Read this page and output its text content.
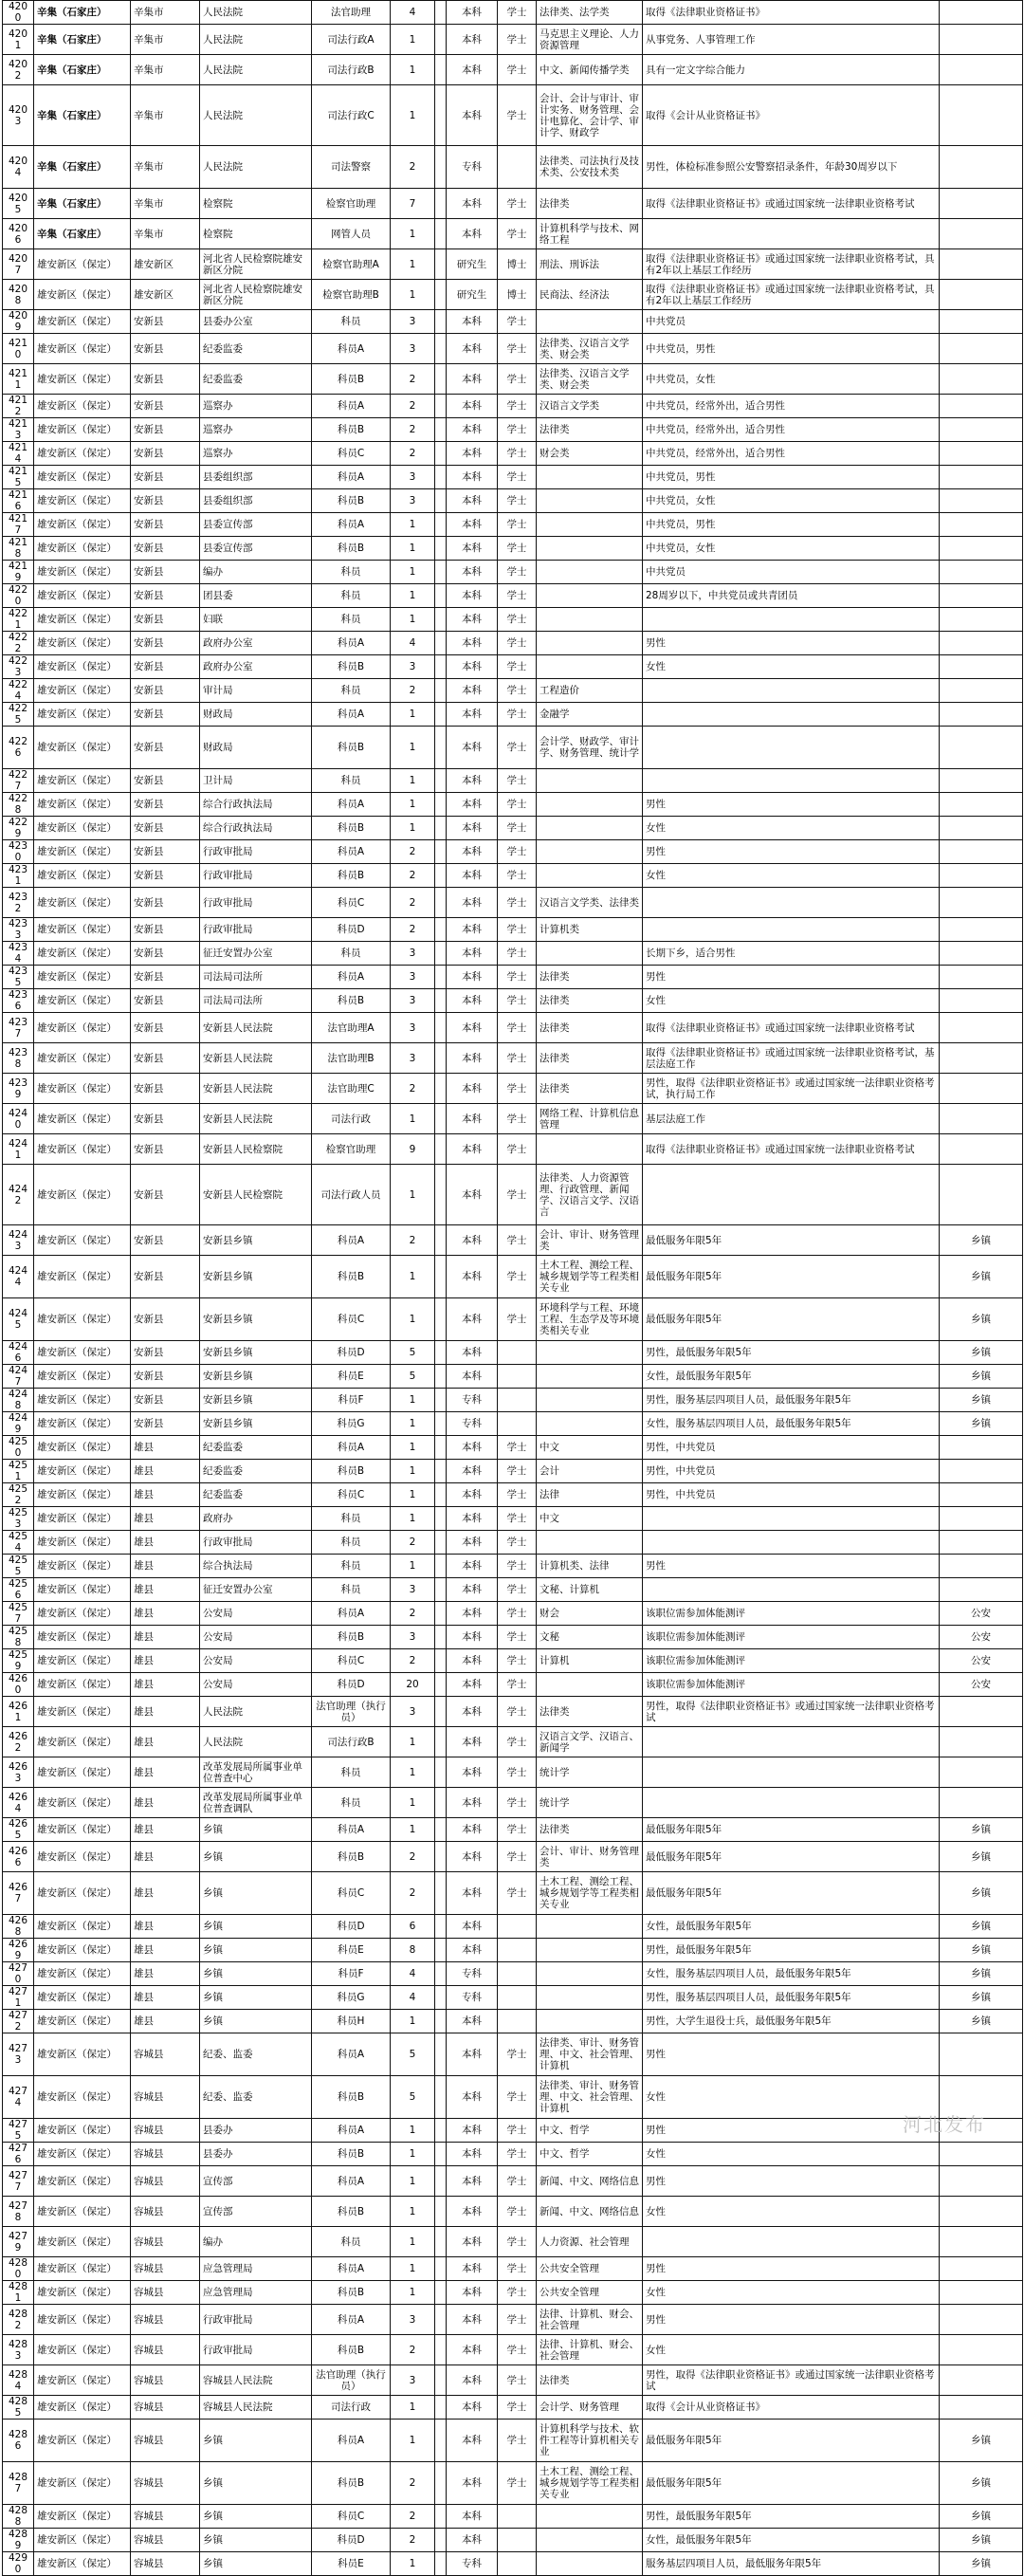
4200	辛集（石家庄）	辛集市	人民法院	法官助理	4		本科	学士	法律类、法学类	取得《法律职业资格证书》	
4201	辛集（石家庄）	辛集市	人民法院	司法行政A	1		本科	学士	马克思主义理论、人力资源管理	从事党务、人事管理工作	
4202	辛集（石家庄）	辛集市	人民法院	司法行政B	1		本科	学士	中文、新闻传播学类	具有一定文字综合能力	
4203	辛集（石家庄）	辛集市	人民法院	司法行政C	1		本科	学士	会计、会计与审计、审计实务、财务管理、会计电算化、会计学、审计学、财政学	取得《会计从业资格证书》	
4204	辛集（石家庄）	辛集市	人民法院	司法警察	2		专科		法律类、司法执行及技术类、公安技术类	男性，体检标准参照公安警察招录条件，年龄30周岁以下	
4205	辛集（石家庄）	辛集市	检察院	检察官助理	7		本科	学士	法律类	取得《法律职业资格证书》或通过国家统一法律职业资格考试	
4206	辛集（石家庄）	辛集市	检察院	网管人员	1		本科	学士	计算机科学与技术、网络工程		
4207	雄安新区（保定）	雄安新区	河北省人民检察院雄安新区分院	检察官助理A	1		研究生	博士	刑法、刑诉法	取得《法律职业资格证书》或通过国家统一法律职业资格考试，具有2年以上基层工作经历	
4208	雄安新区（保定）	雄安新区	河北省人民检察院雄安新区分院	检察官助理B	1		研究生	博士	民商法、经济法	取得《法律职业资格证书》或通过国家统一法律职业资格考试，具有2年以上基层工作经历	
4209	雄安新区（保定）	安新县	县委办公室	科员	3		本科	学士		中共党员	
4210	雄安新区（保定）	安新县	纪委监委	科员A	3		本科	学士	法律类、汉语言文学类、财会类	中共党员，男性	
4211	雄安新区（保定）	安新县	纪委监委	科员B	2		本科	学士	法律类、汉语言文学类、财会类	中共党员，女性	
4212	雄安新区（保定）	安新县	巡察办	科员A	2		本科	学士	汉语言文学类	中共党员，经常外出，适合男性	
4213	雄安新区（保定）	安新县	巡察办	科员B	2		本科	学士	法律类	中共党员，经常外出，适合男性	
4214	雄安新区（保定）	安新县	巡察办	科员C	2		本科	学士	财会类	中共党员，经常外出，适合男性	
4215	雄安新区（保定）	安新县	县委组织部	科员A	3		本科	学士		中共党员，男性	
4216	雄安新区（保定）	安新县	县委组织部	科员B	3		本科	学士		中共党员，女性	
4217	雄安新区（保定）	安新县	县委宣传部	科员A	1		本科	学士		中共党员，男性	
4218	雄安新区（保定）	安新县	县委宣传部	科员B	1		本科	学士		中共党员，女性	
4219	雄安新区（保定）	安新县	编办	科员	1		本科	学士		中共党员	
4220	雄安新区（保定）	安新县	团县委	科员	1		本科	学士		28周岁以下，中共党员或共青团员	
4221	雄安新区（保定）	安新县	妇联	科员	1		本科	学士			
4222	雄安新区（保定）	安新县	政府办公室	科员A	4		本科	学士		男性	
4223	雄安新区（保定）	安新县	政府办公室	科员B	3		本科	学士		女性	
4224	雄安新区（保定）	安新县	审计局	科员	2		本科	学士	工程造价		
4225	雄安新区（保定）	安新县	财政局	科员A	1		本科	学士	金融学		
4226	雄安新区（保定）	安新县	财政局	科员B	1		本科	学士	会计学、财政学、审计学、财务管理、统计学		
4227	雄安新区（保定）	安新县	卫计局	科员	1		本科	学士			
4228	雄安新区（保定）	安新县	综合行政执法局	科员A	1		本科	学士		男性	
4229	雄安新区（保定）	安新县	综合行政执法局	科员B	1		本科	学士		女性	
4230	雄安新区（保定）	安新县	行政审批局	科员A	2		本科	学士		男性	
4231	雄安新区（保定）	安新县	行政审批局	科员B	2		本科	学士		女性	
4232	雄安新区（保定）	安新县	行政审批局	科员C	2		本科	学士	汉语言文学类、法律类		
4233	雄安新区（保定）	安新县	行政审批局	科员D	2		本科	学士	计算机类		
4234	雄安新区（保定）	安新县	征迁安置办公室	科员	3		本科	学士		长期下乡，适合男性	
4235	雄安新区（保定）	安新县	司法局司法所	科员A	3		本科	学士	法律类	男性	
4236	雄安新区（保定）	安新县	司法局司法所	科员B	3		本科	学士	法律类	女性	
4237	雄安新区（保定）	安新县	安新县人民法院	法官助理A	3		本科	学士	法律类	取得《法律职业资格证书》或通过国家统一法律职业资格考试	
4238	雄安新区（保定）	安新县	安新县人民法院	法官助理B	3		本科	学士	法律类	取得《法律职业资格证书》或通过国家统一法律职业资格考试，基层法庭工作	
4239	雄安新区（保定）	安新县	安新县人民法院	法官助理C	2		本科	学士	法律类	男性，取得《法律职业资格证书》或通过国家统一法律职业资格考试，执行局工作	
4240	雄安新区（保定）	安新县	安新县人民法院	司法行政	1		本科	学士	网络工程、计算机信息管理	基层法庭工作	
4241	雄安新区（保定）	安新县	安新县人民检察院	检察官助理	9		本科	学士		取得《法律职业资格证书》或通过国家统一法律职业资格考试	
4242	雄安新区（保定）	安新县	安新县人民检察院	司法行政人员	1		本科	学士	法律类、人力资源管理、行政管理、新闻学、汉语言文学、汉语言		
4243	雄安新区（保定）	安新县	安新县乡镇	科员A	2		本科	学士	会计、审计、财务管理类	最低服务年限5年	乡镇
4244	雄安新区（保定）	安新县	安新县乡镇	科员B	1		本科	学士	土木工程、测绘工程、城乡规划学等工程类相关专业	最低服务年限5年	乡镇
4245	雄安新区（保定）	安新县	安新县乡镇	科员C	1		本科	学士	环境科学与工程、环境工程、生态学及等环境类相关专业	最低服务年限5年	乡镇
4246	雄安新区（保定）	安新县	安新县乡镇	科员D	5		本科			男性，最低服务年限5年	乡镇
4247	雄安新区（保定）	安新县	安新县乡镇	科员E	5		本科			女性，最低服务年限5年	乡镇
4248	雄安新区（保定）	安新县	安新县乡镇	科员F	1		专科			男性，服务基层四项目人员，最低服务年限5年	乡镇
4249	雄安新区（保定）	安新县	安新县乡镇	科员G	1		专科			女性，服务基层四项目人员，最低服务年限5年	乡镇
4250	雄安新区（保定）	雄县	纪委监委	科员A	1		本科	学士	中文	男性，中共党员	
4251	雄安新区（保定）	雄县	纪委监委	科员B	1		本科	学士	会计	男性，中共党员	
4252	雄安新区（保定）	雄县	纪委监委	科员C	1		本科	学士	法律	男性，中共党员	
4253	雄安新区（保定）	雄县	政府办	科员	1		本科	学士	中文		
4254	雄安新区（保定）	雄县	行政审批局	科员	2		本科	学士			
4255	雄安新区（保定）	雄县	综合执法局	科员	1		本科	学士	计算机类、法律	男性	
4256	雄安新区（保定）	雄县	征迁安置办公室	科员	3		本科	学士	文秘、计算机		
4257	雄安新区（保定）	雄县	公安局	科员A	2		本科	学士	财会	该职位需参加体能测评	公安
4258	雄安新区（保定）	雄县	公安局	科员B	3		本科	学士	文秘	该职位需参加体能测评	公安
4259	雄安新区（保定）	雄县	公安局	科员C	2		本科	学士	计算机	该职位需参加体能测评	公安
4260	雄安新区（保定）	雄县	公安局	科员D	20		本科	学士		该职位需参加体能测评	公安
4261	雄安新区（保定）	雄县	人民法院	法官助理（执行员）	3		本科	学士	法律类	男性，取得《法律职业资格证书》或通过国家统一法律职业资格考试	
4262	雄安新区（保定）	雄县	人民法院	司法行政B	1		本科	学士	汉语言文学、汉语言、新闻学		
4263	雄安新区（保定）	雄县	改革发展局所属事业单位普查中心	科员	1		本科	学士	统计学		
4264	雄安新区（保定）	雄县	改革发展局所属事业单位普查调队	科员	1		本科	学士	统计学		
4265	雄安新区（保定）	雄县	乡镇	科员A	1		本科	学士	法律类	最低服务年限5年	乡镇
4266	雄安新区（保定）	雄县	乡镇	科员B	2		本科	学士	会计、审计、财务管理类	最低服务年限5年	乡镇
4267	雄安新区（保定）	雄县	乡镇	科员C	2		本科	学士	土木工程、测绘工程、城乡规划学等工程类相关专业	最低服务年限5年	乡镇
4268	雄安新区（保定）	雄县	乡镇	科员D	6		本科			女性，最低服务年限5年	乡镇
4269	雄安新区（保定）	雄县	乡镇	科员E	8		本科			男性，最低服务年限5年	乡镇
4270	雄安新区（保定）	雄县	乡镇	科员F	4		专科			女性，服务基层四项目人员，最低服务年限5年	乡镇
4271	雄安新区（保定）	雄县	乡镇	科员G	4		专科			男性，服务基层四项目人员，最低服务年限5年	乡镇
4272	雄安新区（保定）	雄县	乡镇	科员H	1		本科			男性，大学生退役士兵，最低服务年限5年	乡镇
4273	雄安新区（保定）	容城县	纪委、监委	科员A	5		本科	学士	法律类、审计、财务管理、中文、社会管理、计算机	男性	
4274	雄安新区（保定）	容城县	纪委、监委	科员B	5		本科	学士	法律类、审计、财务管理、中文、社会管理、计算机	女性	
4275	雄安新区（保定）	容城县	县委办	科员A	1		本科	学士	中文、哲学	男性	
4276	雄安新区（保定）	容城县	县委办	科员B	1		本科	学士	中文、哲学	女性	
4277	雄安新区（保定）	容城县	宣传部	科员A	1		本科	学士	新闻、中文、网络信息	男性	
4278	雄安新区（保定）	容城县	宣传部	科员B	1		本科	学士	新闻、中文、网络信息	女性	
4279	雄安新区（保定）	容城县	编办	科员	1		本科	学士	人力资源、社会管理		
4280	雄安新区（保定）	容城县	应急管理局	科员A	1		本科	学士	公共安全管理	男性	
4281	雄安新区（保定）	容城县	应急管理局	科员B	1		本科	学士	公共安全管理	女性	
4282	雄安新区（保定）	容城县	行政审批局	科员A	3		本科	学士	法律、计算机、财会、社会管理	男性	
4283	雄安新区（保定）	容城县	行政审批局	科员B	2		本科	学士	法律、计算机、财会、社会管理	女性	
4284	雄安新区（保定）	容城县	容城县人民法院	法官助理（执行员）	3		本科	学士	法律类	男性，取得《法律职业资格证书》或通过国家统一法律职业资格考试	
4285	雄安新区（保定）	容城县	容城县人民法院	司法行政	1		本科	学士	会计学、财务管理	取得《会计从业资格证书》	
4286	雄安新区（保定）	容城县	乡镇	科员A	1		本科	学士	计算机科学与技术、软件工程等计算机相关专业	最低服务年限5年	乡镇
4287	雄安新区（保定）	容城县	乡镇	科员B	2		本科	学士	土木工程、测绘工程、城乡规划学等工程类相关专业	最低服务年限5年	乡镇
4288	雄安新区（保定）	容城县	乡镇	科员C	2		本科			男性，最低服务年限5年	乡镇
4289	雄安新区（保定）	容城县	乡镇	科员D	2		本科			女性，最低服务年限5年	乡镇
4290	雄安新区（保定）	容城县	乡镇	科员E	1		专科			服务基层四项目人员，最低服务年限5年	乡镇
河北发布
